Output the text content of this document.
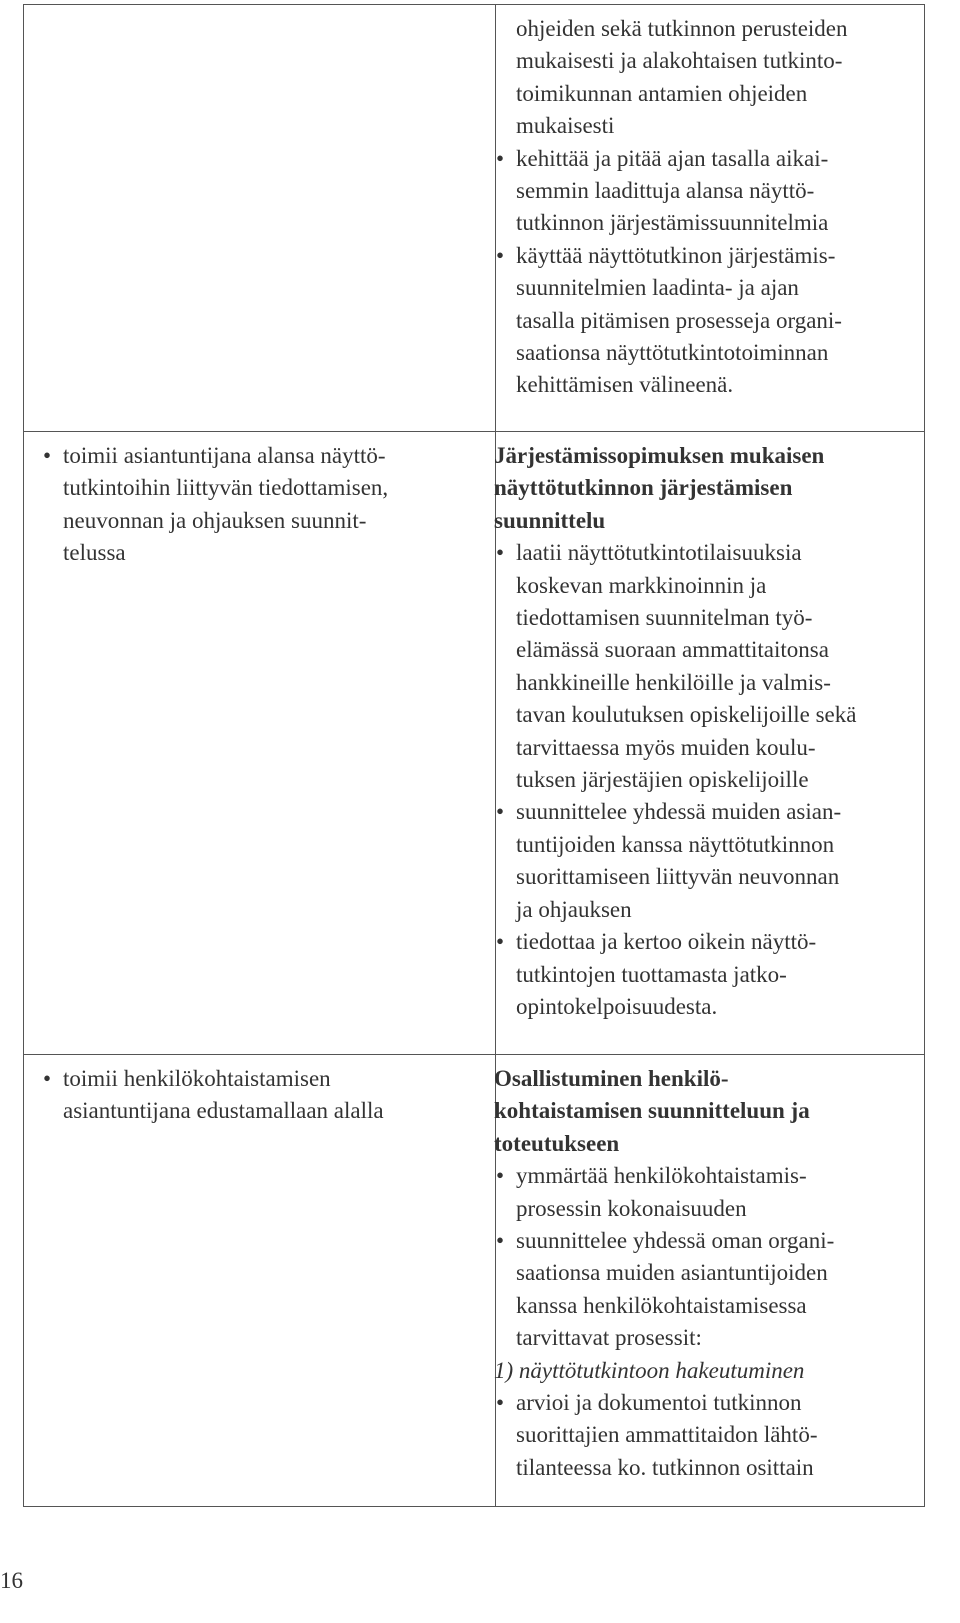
ohjeiden sekä tutkinnon perusteiden
mukaisesti ja alakohtaisen tutkinto-
toimikunnan antamien ohjeiden
mukaisesti
• kehittää ja pitää ajan tasalla aikai-
semmin laadittuja alansa näyttö-
tutkinnon järjestämissuunnitelmia
• käyttää näyttötutkinon järjestämis-
suunnitelmien laadinta- ja ajan
tasalla pitämisen prosesseja organi-
saationsa näyttötutkintotoiminnan
kehittämisen välineenä.
• toimii asiantuntijana alansa näyttö-
tutkintoihin liittyvän tiedottamisen,
neuvonnan ja ohjauksen suunnit-
telussa
Järjestämissopimuksen mukaisen
näyttötutkinnon järjestämisen
suunnittelu
• laatii näyttötutkintotilaisuuksia
koskevan markkinoinnin ja
tiedottamisen suunnitelman työ-
elämässä suoraan ammattitaitonsa
hankkineille henkilöille ja valmis-
tavan koulutuksen opiskelijoille sekä
tarvittaessa myös muiden koulu-
tuksen järjestäjien opiskelijoille
• suunnittelee yhdessä muiden asian-
tuntijoiden kanssa näyttötutkinnon
suorittamiseen liittyvän neuvonnan
ja ohjauksen
• tiedottaa ja kertoo oikein näyttö-
tutkintojen tuottamasta jatko-
opintokelpoisuudesta.
• toimii henkilökohtaistamisen
asiantuntijana edustamallaan alalla
Osallistuminen henkilö-
kohtaistamisen suunnitteluun ja
toteutukseen
• ymmärtää henkilökohtaistamis-
prosessin kokonaisuuden
• suunnittelee yhdessä oman organi-
saationsa muiden asiantuntijoiden
kanssa henkilökohtaistamisessa
tarvittavat prosessit:
1) näyttötutkintoon hakeutuminen
• arvioi ja dokumentoi tutkinnon
suorittajien ammattitaidon lähtö-
tilanteessa ko. tutkinnon osittain
16
